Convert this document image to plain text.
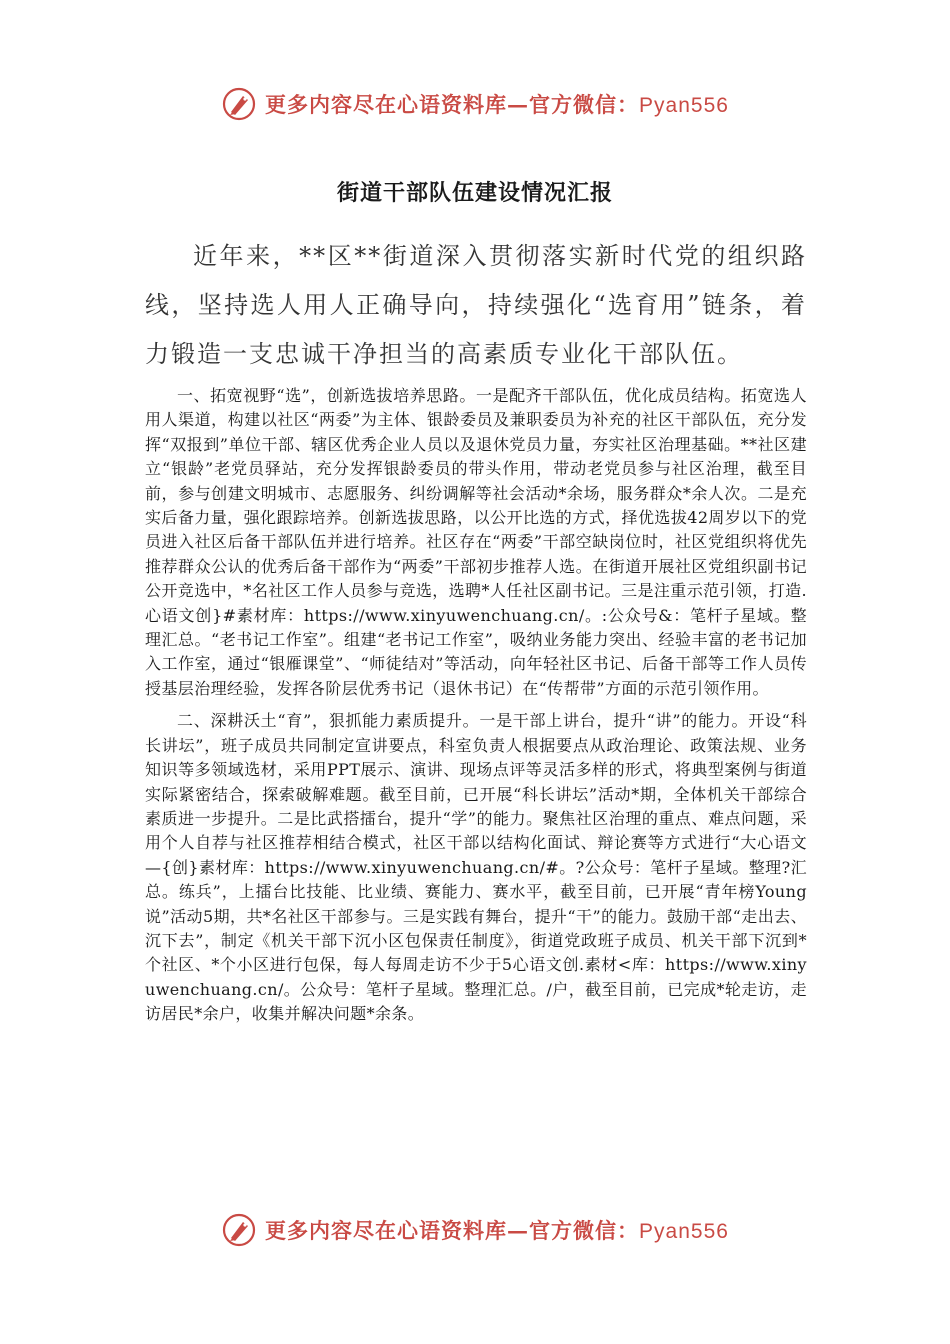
更多内容尽在心语资料库—官方微信：Pyan556
街道干部队伍建设情况汇报

近年来，**区**街道深入贯彻落实新时代党的组织路线，坚持选人用人正确导向，持续强化“选育用”链条，着力锻造一支忠诚干净担当的高素质专业化干部队伍。

一、拓宽视野“选”，创新选拔培养思路。一是配齐干部队伍，优化成员结构。拓宽选人用人渠道，构建以社区“两委”为主体、银龄委员及兼职委员为补充的社区干部队伍，充分发挥“双报到”单位干部、辖区优秀企业人员以及退休党员力量，夯实社区治理基础。**社区建立“银龄”老党员驿站，充分发挥银龄委员的带头作用，带动老党员参与社区治理，截至目前，参与创建文明城市、志愿服务、纠纷调解等社会活动*余场，服务群众*余人次。二是充实后备力量，强化跟踪培养。创新选拔思路，以公开比选的方式，择优选拔42周岁以下的党员进入社区后备干部队伍并进行培养。社区存在“两委”干部空缺岗位时，社区党组织将优先推荐群众公认的优秀后备干部作为“两委”干部初步推荐人选。在街道开展社区党组织副书记公开竞选中，*名社区工作人员参与竞选，选聘*人任社区副书记。三是注重示范引领，打造.心语文创}#素材库：https://www.xinyuwenchuang.cn/。:公众号&：笔杆子星域。整理汇总。“老书记工作室”。组建“老书记工作室”，吸纳业务能力突出、经验丰富的老书记加入工作室，通过“银雁课堂”、“师徒结对”等活动，向年轻社区书记、后备干部等工作人员传授基层治理经验，发挥各阶层优秀书记（退休书记）在“传帮带”方面的示范引领作用。

二、深耕沃土“育”，狠抓能力素质提升。一是干部上讲台，提升“讲”的能力。开设“科长讲坛”，班子成员共同制定宣讲要点，科室负责人根据要点从政治理论、政策法规、业务知识等多领域选材，采用PPT展示、演讲、现场点评等灵活多样的形式，将典型案例与街道实际紧密结合，探索破解难题。截至目前，已开展“科长讲坛”活动*期，全体机关干部综合素质进一步提升。二是比武搭擂台，提升“学”的能力。聚焦社区治理的重点、难点问题，采用个人自荐与社区推荐相结合模式，社区干部以结构化面试、辩论赛等方式进行“大心语文—{创}素材库：https://www.xinyuwenchuang.cn/#。?公众号：笔杆子星域。整理?汇总。练兵”，上擂台比技能、比业绩、赛能力、赛水平，截至目前，已开展“青年榜Young说”活动5期，共*名社区干部参与。三是实践有舞台，提升“干”的能力。鼓励干部“走出去、沉下去”，制定《机关干部下沉小区包保责任制度》，街道党政班子成员、机关干部下沉到*个社区、*个小区进行包保，每人每周走访不少于5心语文创.素材<库：https://www.xinyuwenchuang.cn/。公众号：笔杆子星域。整理汇总。/户，截至目前，已完成*轮走访，走访居民*余户，收集并解决问题*余条。

更多内容尽在心语资料库—官方微信：Pyan556
